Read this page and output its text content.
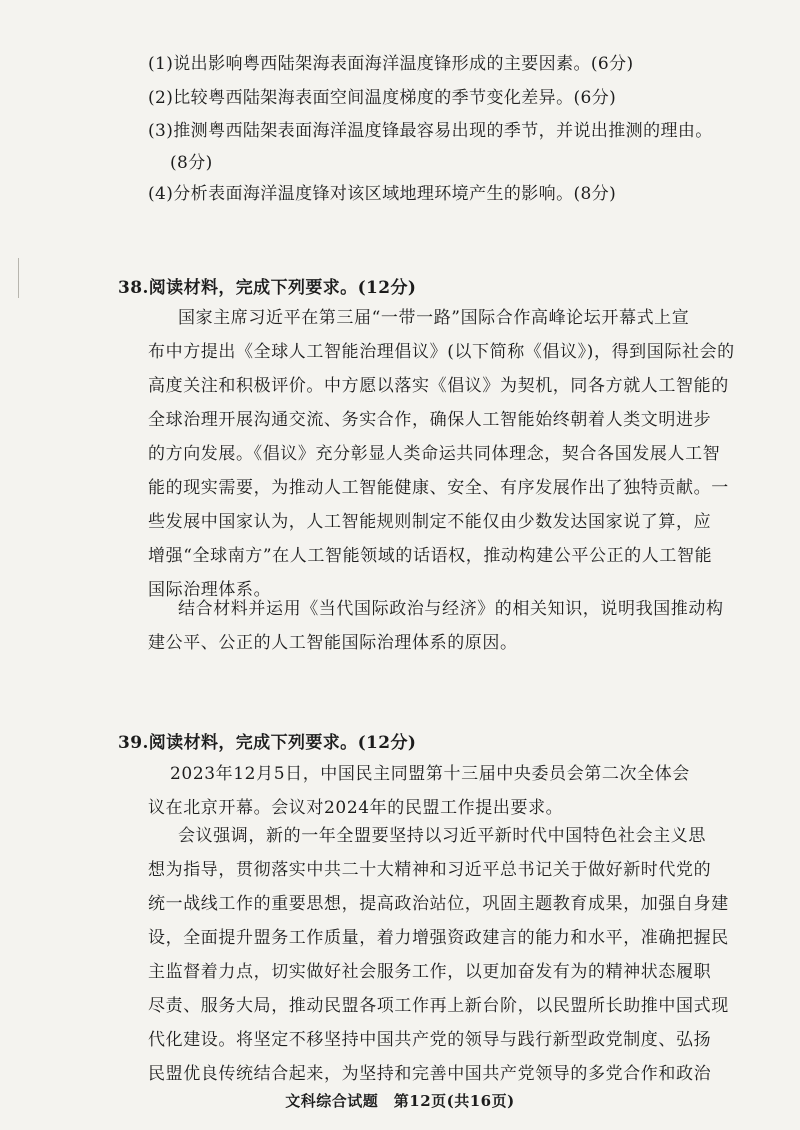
(1)说出影响粤西陆架海表面海洋温度锋形成的主要因素。(6分)
(2)比较粤西陆架海表面空间温度梯度的季节变化差异。(6分)
(3)推测粤西陆架表面海洋温度锋最容易出现的季节，并说出推测的理由。
(8分)
(4)分析表面海洋温度锋对该区域地理环境产生的影响。(8分)
38.阅读材料，完成下列要求。(12分)

国家主席习近平在第三届“一带一路”国际合作高峰论坛开幕式上宣

布中方提出《全球人工智能治理倡议》(以下简称《倡议》)，得到国际社会的

高度关注和积极评价。中方愿以落实《倡议》为契机，同各方就人工智能的

全球治理开展沟通交流、务实合作，确保人工智能始终朝着人类文明进步

的方向发展。《倡议》充分彰显人类命运共同体理念，契合各国发展人工智

能的现实需要，为推动人工智能健康、安全、有序发展作出了独特贡献。一

些发展中国家认为，人工智能规则制定不能仅由少数发达国家说了算，应

增强“全球南方”在人工智能领域的话语权，推动构建公平公正的人工智能

国际治理体系。

结合材料并运用《当代国际政治与经济》的相关知识，说明我国推动构

建公平、公正的人工智能国际治理体系的原因。

39.阅读材料，完成下列要求。(12分)

2023年12月5日，中国民主同盟第十三届中央委员会第二次全体会

议在北京开幕。会议对2024年的民盟工作提出要求。

会议强调，新的一年全盟要坚持以习近平新时代中国特色社会主义思

想为指导，贯彻落实中共二十大精神和习近平总书记关于做好新时代党的

统一战线工作的重要思想，提高政治站位，巩固主题教育成果，加强自身建

设，全面提升盟务工作质量，着力增强资政建言的能力和水平，准确把握民

主监督着力点，切实做好社会服务工作，以更加奋发有为的精神状态履职

尽责、服务大局，推动民盟各项工作再上新台阶，以民盟所长助推中国式现

代化建设。将坚定不移坚持中国共产党的领导与践行新型政党制度、弘扬

民盟优良传统结合起来，为坚持和完善中国共产党领导的多党合作和政治

文科综合试题　第12页(共16页)
